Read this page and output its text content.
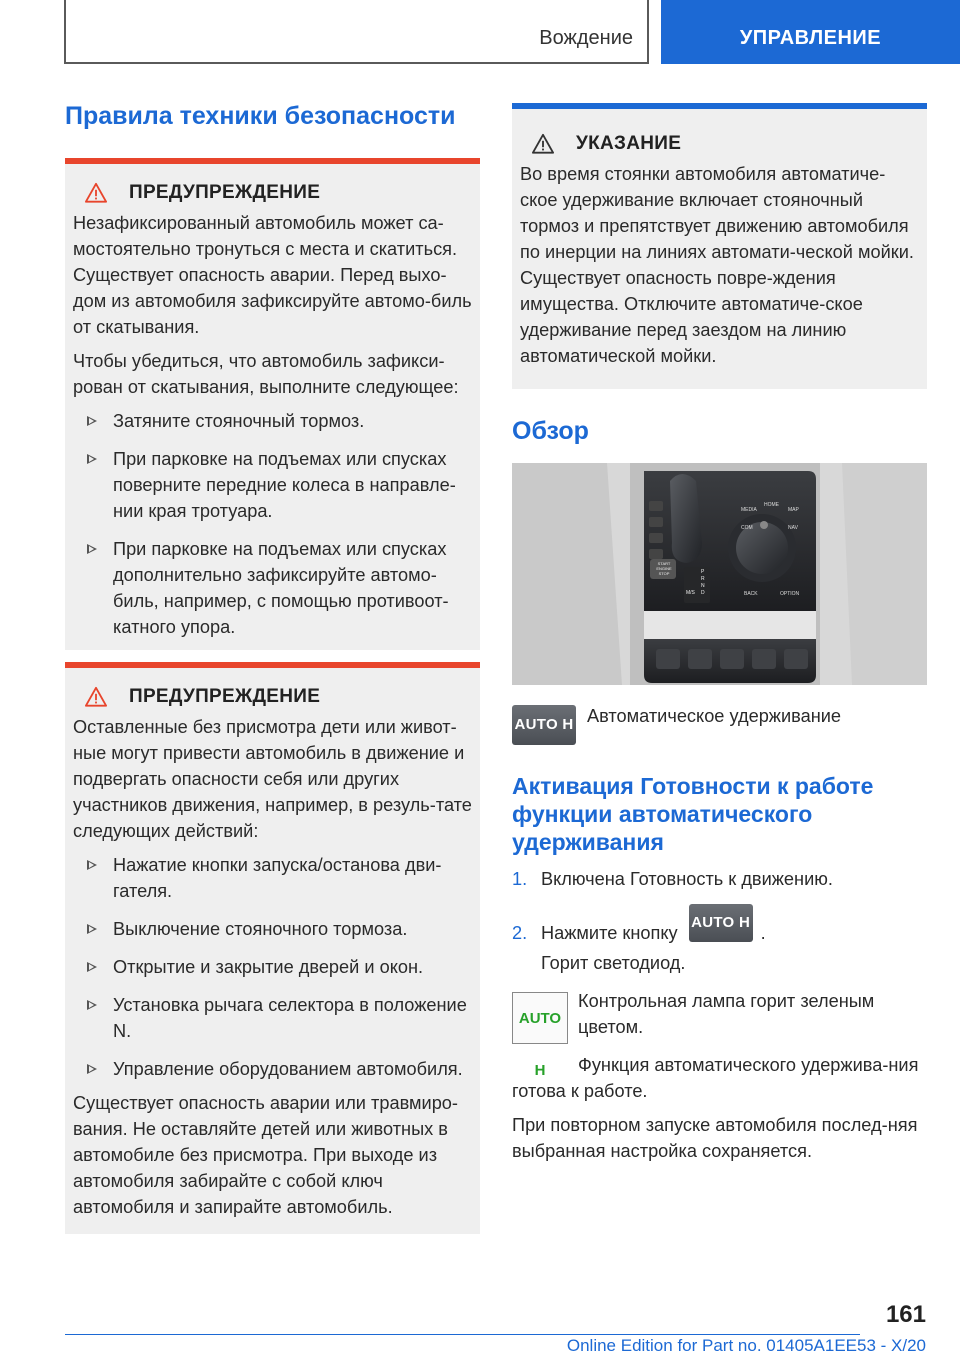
Вождение	УПРАВЛЕНИЕ
Правила техники безопасности
ПРЕДУПРЕЖДЕНИЕ
Незафиксированный автомобиль может са-мостоятельно тронуться с места и скатиться. Существует опасность аварии. Перед выхо-дом из автомобиля зафиксируйте автомо-биль от скатывания.
Чтобы убедиться, что автомобиль зафикси-рован от скатывания, выполните следующее:
Затяните стояночный тормоз.
При парковке на подъемах или спусках поверните передние колеса в направле-нии края тротуара.
При парковке на подъемах или спусках дополнительно зафиксируйте автомо-биль, например, с помощью противоот-катного упора.
ПРЕДУПРЕЖДЕНИЕ
Оставленные без присмотра дети или живот-ные могут привести автомобиль в движение и подвергать опасности себя или других участников движения, например, в резуль-тате следующих действий:
Нажатие кнопки запуска/останова дви-гателя.
Выключение стояночного тормоза.
Открытие и закрытие дверей и окон.
Установка рычага селектора в положение N.
Управление оборудованием автомобиля.
Существует опасность аварии или травмиро-вания. Не оставляйте детей или животных в автомобиле без присмотра. При выходе из автомобиля забирайте с собой ключ автомобиля и запирайте автомобиль.
УКАЗАНИЕ
Во время стоянки автомобиля автоматиче-ское удерживание включает стояночный тормоз и препятствует движению автомобиля по инерции на линиях автомати-ческой мойки. Существует опасность повре-ждения имущества. Отключите автоматиче-ское удерживание перед заездом на линию автоматической мойки.
Обзор
MEDIA
HOME
MAP
COM	NAV
BACK	OPTION
START ENGINE STOP	P
R
N
D
M/S
AUTO H Автоматическое удерживание
Активация Готовности к работе функции автоматического удерживания
1. Включена Готовность к движению.
2. Нажмите кнопку
AUTO H
.
Горит светодиод.
AUTO H
Контрольная лампа горит зеленым цветом.
Функция автоматического удержива-ния готова к работе.
При повторном запуске автомобиля послед-няя выбранная настройка сохраняется.
161
Online Edition for Part no. 01405A1EE53 - X/20
